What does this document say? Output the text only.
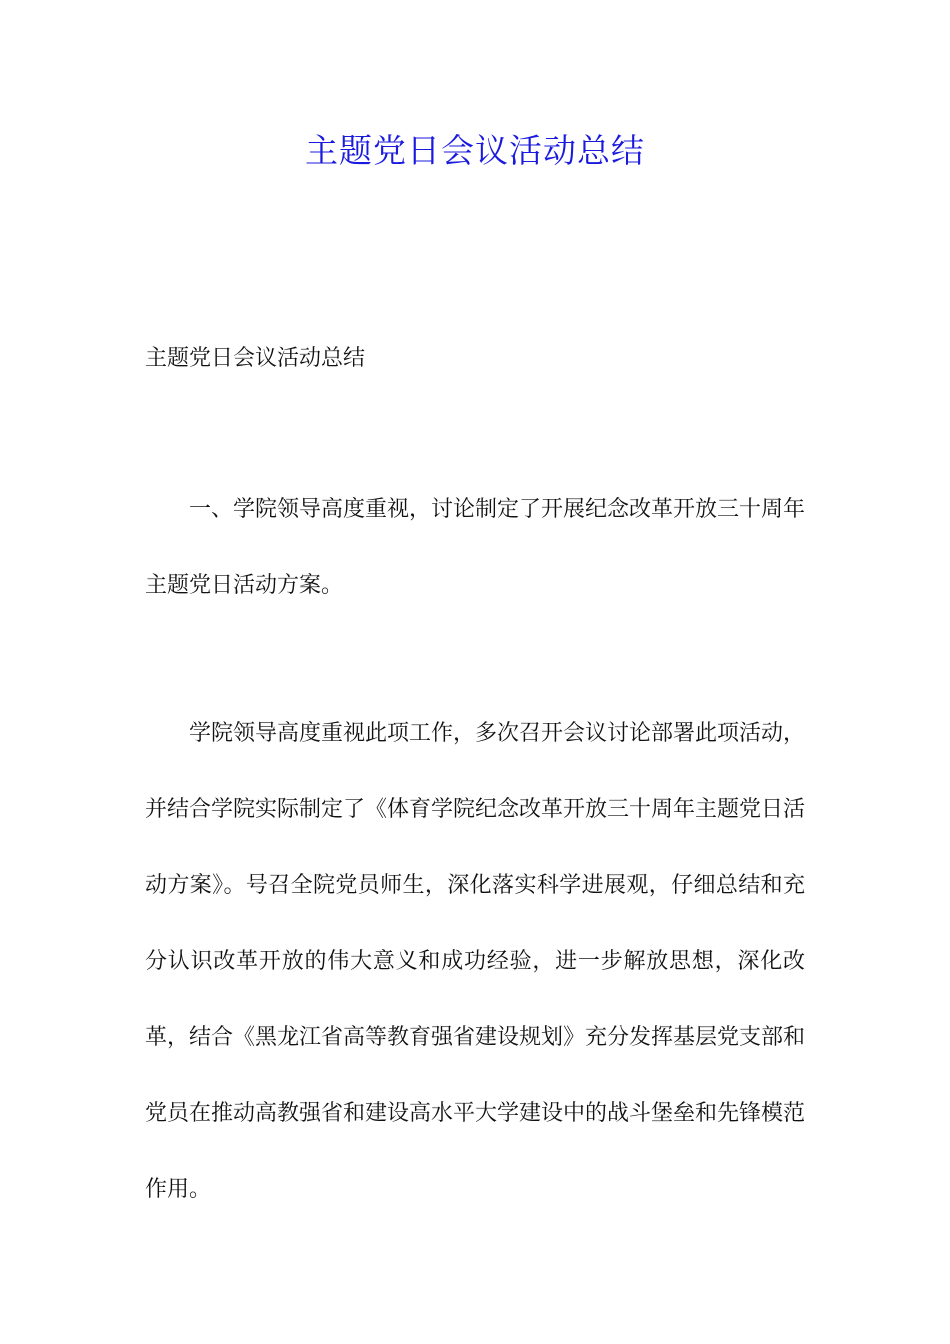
主题党日会议活动总结
主题党日会议活动总结

一、学院领导高度重视，讨论制定了开展纪念改革开放三十周年主题党日活动方案。

学院领导高度重视此项工作，多次召开会议讨论部署此项活动，并结合学院实际制定了《体育学院纪念改革开放三十周年主题党日活动方案》。号召全院党员师生，深化落实科学进展观，仔细总结和充分认识改革开放的伟大意义和成功经验，进一步解放思想，深化改革，结合《黑龙江省高等教育强省建设规划》充分发挥基层党支部和党员在推动高教强省和建设高水平大学建设中的战斗堡垒和先锋模范作用。
